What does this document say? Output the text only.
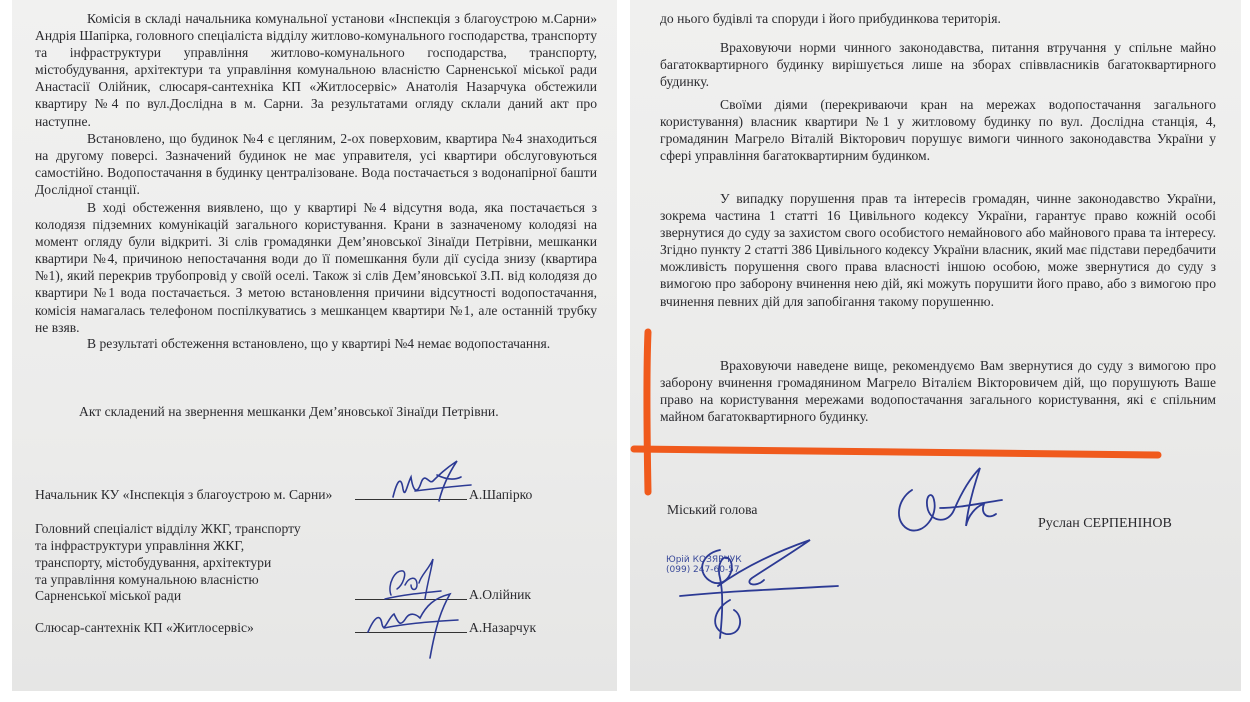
Комісія в складі начальника комунальної установи «Інспекція з благоустрою м.Сарни» Андрія Шапірка, головного спеціаліста відділу житлово-комунального господарства, транспорту та інфраструктури управління житлово-комунального господарства, транспорту, містобудування, архітектури та управління комунальною власністю Сарненської міської ради Анастасії Олійник, слюсаря-сантехніка КП «Житлосервіс» Анатолія Назарчука обстежили квартиру №4 по вул.Дослідна в м. Сарни. За результатами огляду склали даний акт про наступне.

Встановлено, що будинок №4 є цегляним, 2-ох поверховим, квартира №4 знаходиться на другому поверсі. Зазначений будинок не має управителя, усі квартири обслуговуються самостійно. Водопостачання в будинку централізоване. Вода постачається з водонапірної башти Дослідної станції.

В ході обстеження виявлено, що у квартирі №4 відсутня вода, яка постачається з колодязя підземних комунікацій загального користування. Крани в зазначеному колодязі на момент огляду були відкриті. Зі слів громадянки Дем’яновської Зінаїди Петрівни, мешканки квартири №4, причиною непостачання води до її помешкання були дії сусіда знизу (квартира №1), який перекрив трубопровід у своїй оселі. Також зі слів Дем’яновської З.П. від колодязя до квартири №1 вода постачається. З метою встановлення причини відсутності водопостачання, комісія намагалась телефоном поспілкуватись з мешканцем квартири №1, але останній трубку не взяв.

В результаті обстеження встановлено, що у квартирі №4 немає водопостачання.

Акт складений на звернення мешканки Дем’яновської Зінаїди Петрівни.

Начальник КУ «Інспекція з благоустрою м. Сарни»	А.Шапірко

Головний спеціаліст відділу ЖКГ, транспорту

та інфраструктури управління ЖКГ,

транспорту, містобудування, архітектури

та управління комунальною власністю

Сарненської міської ради	А.Олійник

Слюсар-сантехнік КП «Житлосервіс»	А.Назарчук

до нього будівлі та споруди і його прибудинкова територія.

Враховуючи норми чинного законодавства, питання втручання у спільне майно багатоквартирного будинку вирішується лише на зборах співвласників багатоквартирного будинку.

Своїми діями (перекриваючи кран на мережах водопостачання загального користування) власник квартири №1 у житловому будинку по вул. Дослідна станція, 4, громадянин Магрело Віталій Вікторович порушує вимоги чинного законодавства України у сфері управління багатоквартирним будинком.

У випадку порушення прав та інтересів громадян, чинне законодавство України, зокрема частина 1 статті 16 Цивільного кодексу України, гарантує право кожній особі звернутися до суду за захистом свого особистого немайнового або майнового права та інтересу. Згідно пункту 2 статті 386 Цивільного кодексу України власник, який має підстави передбачити можливість порушення свого права власності іншою особою, може звернутися до суду з вимогою про заборону вчинення нею дій, які можуть порушити його право, або з вимогою про вчинення певних дій для запобігання такому порушенню.

Враховуючи наведене вище, рекомендуємо Вам звернутися до суду з вимогою про заборону вчинення громадянином Магрело Віталієм Вікторовичем дій, що порушують Ваше право на користування мережами водопостачання загального користування, які є спільним майном багатоквартирного будинку.

Міський голова

Руслан СЕРПЕНІНОВ

Юрій КОЗЯРЧУК

(099) 247-60-57
